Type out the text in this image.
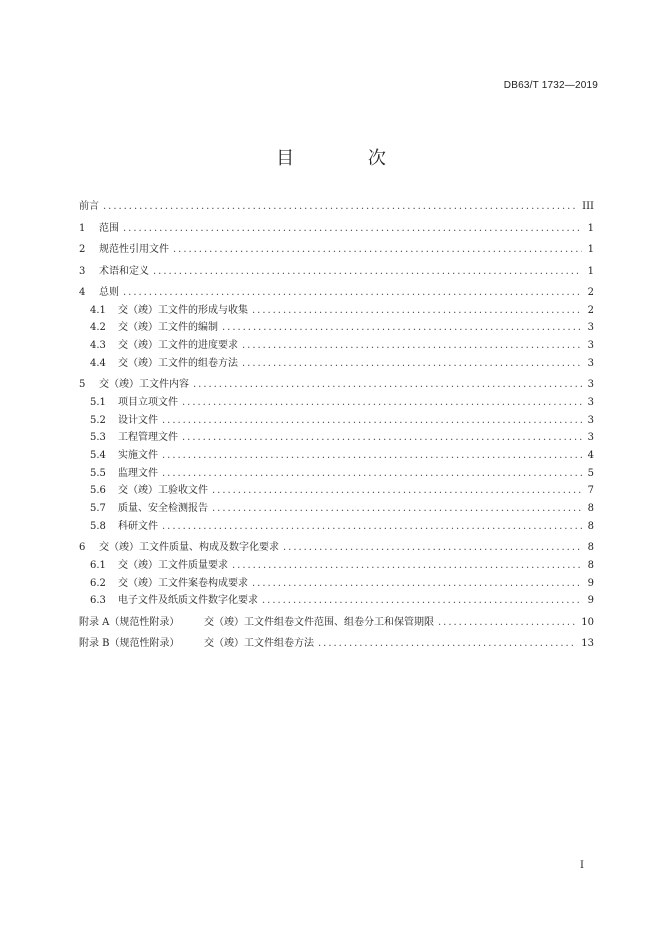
DB63/T 1732—2019
目 次
前言 . . .	III
1	范围 . . .	1
2	规范性引用文件 . . .	1
3	术语和定义 . . .	1
4	总则 . . .	2
4.1	交（竣）工文件的形成与收集 . . .	2
4.2	交（竣）工文件的编制 . . .	3
4.3	交（竣）工文件的进度要求 . . .	3
4.4	交（竣）工文件的组卷方法 . . .	3
5	交（竣）工文件内容 . . .	3
5.1	项目立项文件 . . .	3
5.2	设计文件 . . .	3
5.3	工程管理文件 . . .	3
5.4	实施文件 . . .	4
5.5	监理文件 . . .	5
5.6	交（竣）工验收文件 . . .	7
5.7	质量、安全检测报告 . . .	8
5.8	科研文件 . . .	8
6	交（竣）工文件质量、构成及数字化要求 . . .	8
6.1	交（竣）工文件质量要求 . . .	8
6.2	交（竣）工文件案卷构成要求 . . .	9
6.3	电子文件及纸质文件数字化要求 . . .	9
附录 A（规范性附录）	交（竣）工文件组卷文件范围、组卷分工和保管期限 . . .	10
附录 B（规范性附录）	交（竣）工文件组卷方法 . . .	13
I
